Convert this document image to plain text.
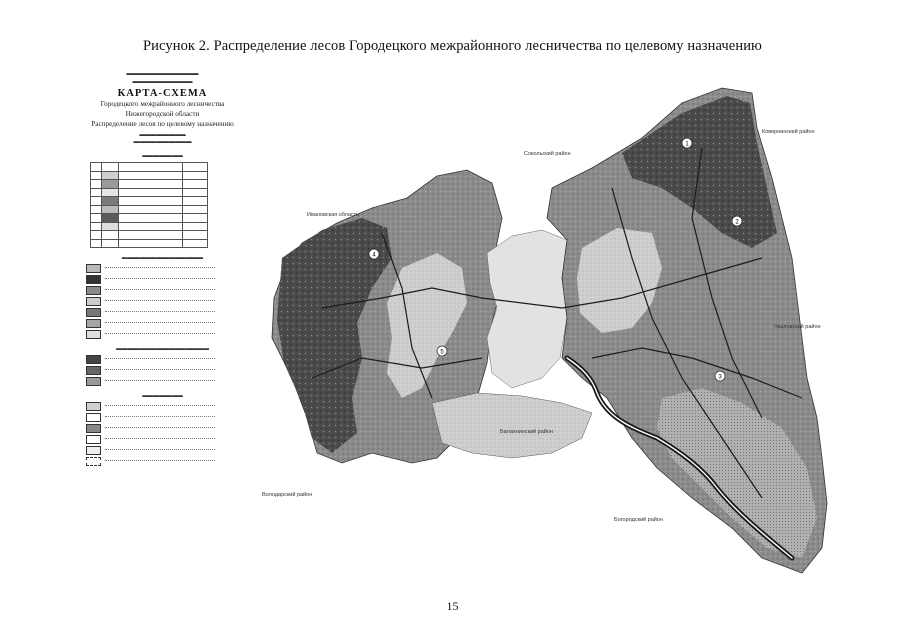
Рисунок 2. Распределение лесов Городецкого межрайонного лесничества по целевому назначению
▬▬▬▬▬▬▬▬▬▬▬▬
▬▬▬▬▬▬▬▬▬▬
КАРТА-СХЕМА
Городецкого межрайонного лесничества
Нижегородской области
Распределение лесов по целевому назначению
▬▬▬▬▬▬▬▬
▬▬▬▬▬▬▬▬▬▬
▬▬▬▬▬▬▬

▬▬▬▬▬▬▬▬▬▬▬▬▬▬
▬▬▬▬▬▬▬▬▬▬▬▬▬▬▬▬
▬▬▬▬▬▬▬
Ковернинский район
Сокольский район
Ивановская область
Чкаловский район
Балахнинский район
Володарский район
Богородский район
1
2
3
4
5
15
